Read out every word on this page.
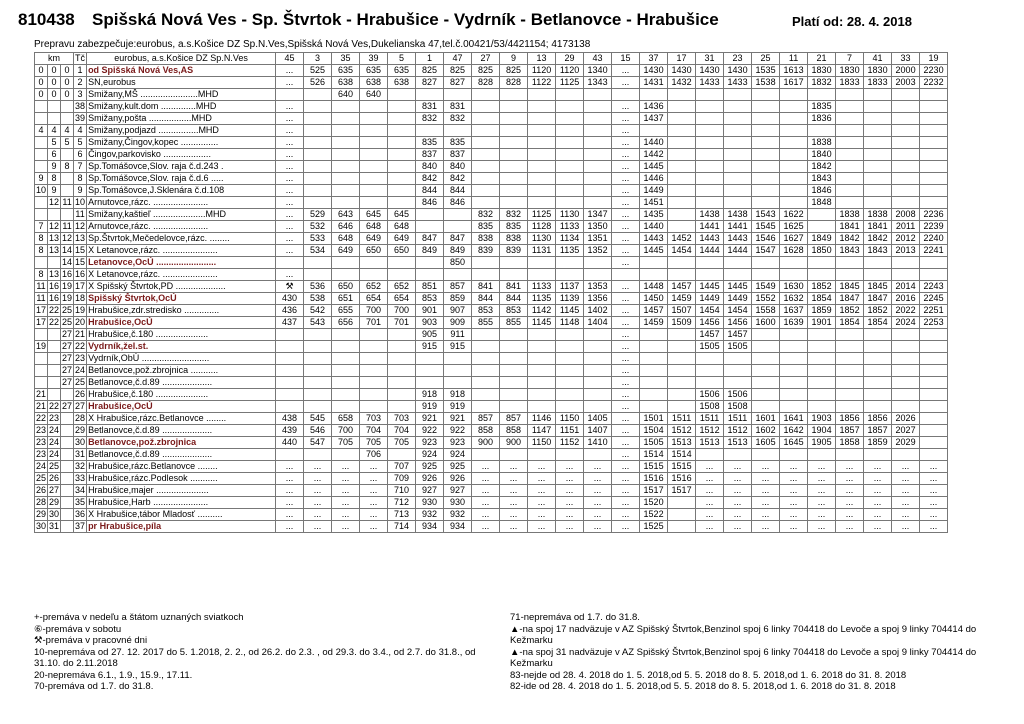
810438 Spišská Nová Ves - Sp. Štvrtok - Hrabušice - Vydrník - Betlanovce - Hrabušice	Platí od: 28. 4. 2018
Prepravu zabezpečuje:eurobus, a.s.Košice DZ Sp.N.Ves,Spišská Nová Ves,Dukelianska 47,tel.č.00421/53/4421154; 4173138
km			Tč	eurobus, a.s.Košice DZ Sp.N.Ves	45	3	35	39	5	1	47	27	9	13	29	43	15	37	17	31	23	25	11	21	7	41	33	19
0	0	0	1	od Spišská Nová Ves,AS	...	525	635	635	635	825	825	825	825	1120	1120	1340	...	1430	1430	1430	1430	1535	1613	1830	1830	1830	2000	2230
0	0	0	2	SN,eurobus	...	526	638	638	638	827	827	828	828	1122	1125	1343	...	1431	1432	1433	1433	1538	1617	1832	1833	1833	2003	2232
0	0	0	3	Smižany,MŠ .......................MHD			640	640																				
			38	Smižany,kult.dom ..............MHD	...					831	831						...	1436						1835				
			39	Smižany,pošta .................MHD	...					832	832						...	1437						1836				
4	4	4	4	Smižany,podjazd ................MHD	...												...											
	5	5	5	Smižany,Čingov,kopec ...............	...					835	835						...	1440						1838				
	6		6	Čingov,parkovisko ...................	...					837	837						...	1442						1840				
	9	8	7	Sp.Tomášovce,Slov. raja č.d.243 .	...					840	840						...	1445						1842				
9	8		8	Sp.Tomášovce,Slov. raja č.d.6 .....	...					842	842						...	1446						1843				
10	9		9	Sp.Tomášovce,J.Sklenára č.d.108	...					844	844						...	1449						1846				
	12	11	10	Arnutovce,rázc. ......................	...					846	846						...	1451						1848				
			11	Smižany,kaštieľ .....................MHD	...	529	643	645	645			832	832	1125	1130	1347	...	1435		1438	1438	1543	1622		1838	1838	2008	2236
7	12	11	12	Arnutovce,rázc. ......................	...	532	646	648	648			835	835	1128	1133	1350	...	1440		1441	1441	1545	1625		1841	1841	2011	2239
8	13	12	13	Sp.Štvrtok,Mečedelovce,rázc. ........	...	533	648	649	649	847	847	838	838	1130	1134	1351	...	1443	1452	1443	1443	1546	1627	1849	1842	1842	2012	2240
8	13	14	15	X Letanovce,rázc. ......................	...	534	649	650	650	849	849	839	839	1131	1135	1352	...	1445	1454	1444	1444	1547	1628	1850	1843	1843	2013	2241
		14	15	Letanovce,OcÚ ........................							850						...											
8	13	16	16	X Letanovce,rázc. ......................	...																							
11	16	19	17	X Spišský Štvrtok,PD ....................	⚒	536	650	652	652	851	857	841	841	1133	1137	1353	...	1448	1457	1445	1445	1549	1630	1852	1845	1845	2014	2243
11	16	19	18	Spišský Štvrtok,OcÚ	430	538	651	654	654	853	859	844	844	1135	1139	1356	...	1450	1459	1449	1449	1552	1632	1854	1847	1847	2016	2245
17	22	25	19	Hrabušice,zdr.stredisko ..............	436	542	655	700	700	901	907	853	853	1142	1145	1402	...	1457	1507	1454	1454	1558	1637	1859	1852	1852	2022	2251
17	22	25	20	Hrabušice,OcÚ	437	543	656	701	701	903	909	855	855	1145	1148	1404	...	1459	1509	1456	1456	1600	1639	1901	1854	1854	2024	2253
		27	21	Hrabušice,č.180 .....................						905	911						...			1457	1457							
19		27	22	Vydrník,žel.st.						915	915						...			1505	1505							
		27	23	Vydrník,ObÚ ...........................													...											
		27	24	Betlanovce,pož.zbrojnica ...........													...											
		27	25	Betlanovce,č.d.89 ....................													...											
21			26	Hrabušice,č.180 .....................						918	918						...			1506	1506							
21	22	27	27	Hrabušice,OcÚ						919	919						...			1508	1508							
22	23		28	X Hrabušice,rázc.Betlanovce ........	438	545	658	703	703	921	921	857	857	1146	1150	1405	...	1501	1511	1511	1511	1601	1641	1903	1856	1856	2026	
23	24		29	Betlanovce,č.d.89 ....................	439	546	700	704	704	922	922	858	858	1147	1151	1407	...	1504	1512	1512	1512	1602	1642	1904	1857	1857	2027	
23	24		30	Betlanovce,pož.zbrojnica	440	547	705	705	705	923	923	900	900	1150	1152	1410	...	1505	1513	1513	1513	1605	1645	1905	1858	1859	2029	
23	24		31	Betlanovce,č.d.89 ....................				706		924	924						...	1514	1514									
24	25		32	Hrabušice,rázc.Betlanovce ........	...	...	...	...	707	925	925	...	...	...	...	...	...	1515	1515	...	...	...	...	...	...	...	...	...
25	26		33	Hrabušice,rázc.Podlesok ...........	...	...	...	...	709	926	926	...	...	...	...	...	...	1516	1516	...	...	...	...	...	...	...	...	...
26	27		34	Hrabušice,majer .....................	...	...	...	...	710	927	927	...	...	...	...	...	...	1517	1517	...	...	...	...	...	...	...	...	...
28	29		35	Hrabušice,Harb ......................	...	...	...	...	712	930	930	...	...	...	...	...	...	1520		...	...	...	...	...	...	...	...	...
29	30		36	X Hrabušice,tábor Mladosť ..........	...	...	...	...	713	932	932	...	...	...	...	...	...	1522		...	...	...	...	...	...	...	...	...
30	31		37	pr Hrabušice,píla	...	...	...	...	714	934	934	...	...	...	...	...	...	1525		...	...	...	...	...	...	...	...	...
+-premáva v nedeľu a štátom uznaných sviatkoch
⑥-premáva v sobotu
⚒-premáva v pracovné dni
10-nepremáva od 27. 12. 2017 do 5. 1.2018, 2. 2., od 26.2. do 2.3. , od 29.3. do 3.4., od 2.7. do 31.8., od 31.10. do 2.11.2018
20-nepremáva 6.1., 1.9., 15.9., 17.11.
70-premáva od 1.7. do 31.8.
71-nepremáva od 1.7. do 31.8.
▲-na spoj 17 nadväzuje v AZ Spišský Štvrtok,Benzinol spoj 6 linky 704418 do Levoče a spoj 9 linky 704414 do Kežmarku
▲-na spoj 31 nadväzuje v AZ Spišský Štvrtok,Benzinol spoj 6 linky 704418 do Levoče a spoj 9 linky 704414 do Kežmarku
83-nejde od 28. 4. 2018 do 1. 5. 2018,od 5. 5. 2018 do 8. 5. 2018,od 1. 6. 2018 do 31. 8. 2018
82-ide od 28. 4. 2018 do 1. 5. 2018,od 5. 5. 2018 do 8. 5. 2018,od 1. 6. 2018 do 31. 8. 2018
